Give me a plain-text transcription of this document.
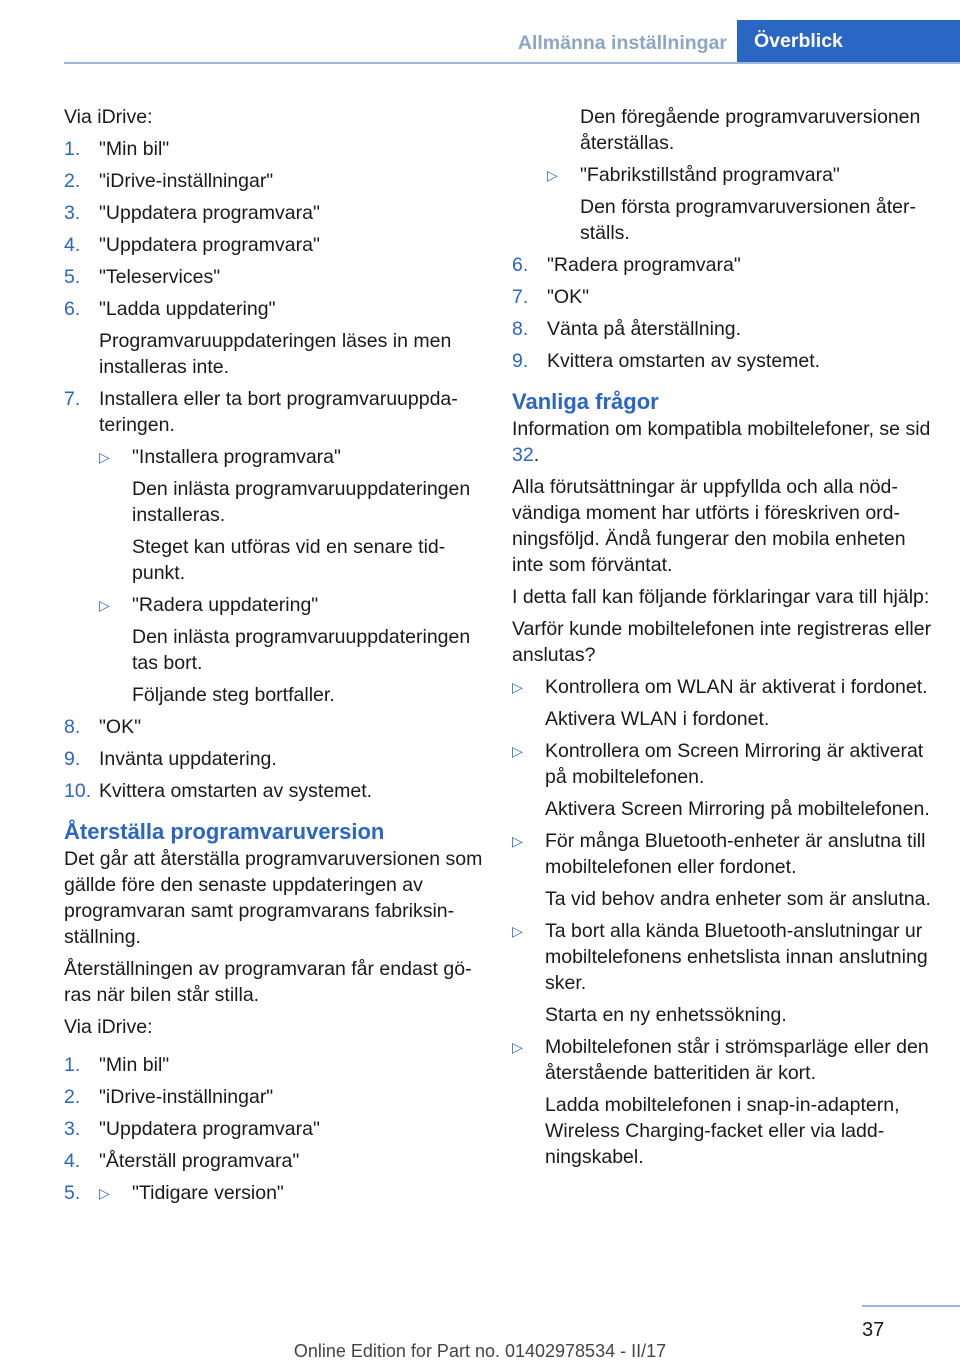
Allmänna inställningar	Överblick

Via iDrive:

1. "Min bil"

2. "iDrive-inställningar"

3. "Uppdatera programvara"

4. "Uppdatera programvara"

5. "Teleservices"

6. "Ladda uppdatering"

Programvaruuppdateringen läses in men installeras inte.

7. Installera eller ta bort programvaruuppdateringen.

▷	"Installera programvara"

Den inlästa programvaruuppdateringen installeras.

Steget kan utföras vid en senare tidpunkt.

▷	"Radera uppdatering"

Den inlästa programvaruuppdateringen tas bort.

Följande steg bortfaller.

8. "OK"

9. Invänta uppdatering.

10. Kvittera omstarten av systemet.

Återställa programvaruversion

Det går att återställa programvaruversionen som gällde före den senaste uppdateringen av programvaran samt programvarans fabriksinställning.

Återställningen av programvaran får endast göras när bilen står stilla.

Via iDrive:

1. "Min bil"

2. "iDrive-inställningar"

3. "Uppdatera programvara"

4. "Återställ programvara"

5.	▷	"Tidigare version"

Den föregående programvaruversionen återställas.

▷	"Fabrikstillstånd programvara"

Den första programvaruversionen återställs.

6. "Radera programvara"

7. "OK"

8. Vänta på återställning.

9. Kvittera omstarten av systemet.

Vanliga frågor

Information om kompatibla mobiltelefoner, se sid 32.

Alla förutsättningar är uppfyllda och alla nödvändiga moment har utförts i föreskriven ordningsföljd. Ändå fungerar den mobila enheten inte som förväntat.

I detta fall kan följande förklaringar vara till hjälp:

Varför kunde mobiltelefonen inte registreras eller anslutas?

▷	Kontrollera om WLAN är aktiverat i fordonet.

Aktivera WLAN i fordonet.

▷	Kontrollera om Screen Mirroring är aktiverat på mobiltelefonen.

Aktivera Screen Mirroring på mobiltelefonen.

▷	För många Bluetooth-enheter är anslutna till mobiltelefonen eller fordonet.

Ta vid behov andra enheter som är anslutna.

▷	Ta bort alla kända Bluetooth-anslutningar ur mobiltelefonens enhetslista innan anslutning sker.

Starta en ny enhetssökning.

▷	Mobiltelefonen står i strömsparläge eller den återstående batteritiden är kort.

Ladda mobiltelefonen i snap-in-adaptern, Wireless Charging-facket eller via laddningskabel.

37
Online Edition for Part no. 01402978534 - II/17
